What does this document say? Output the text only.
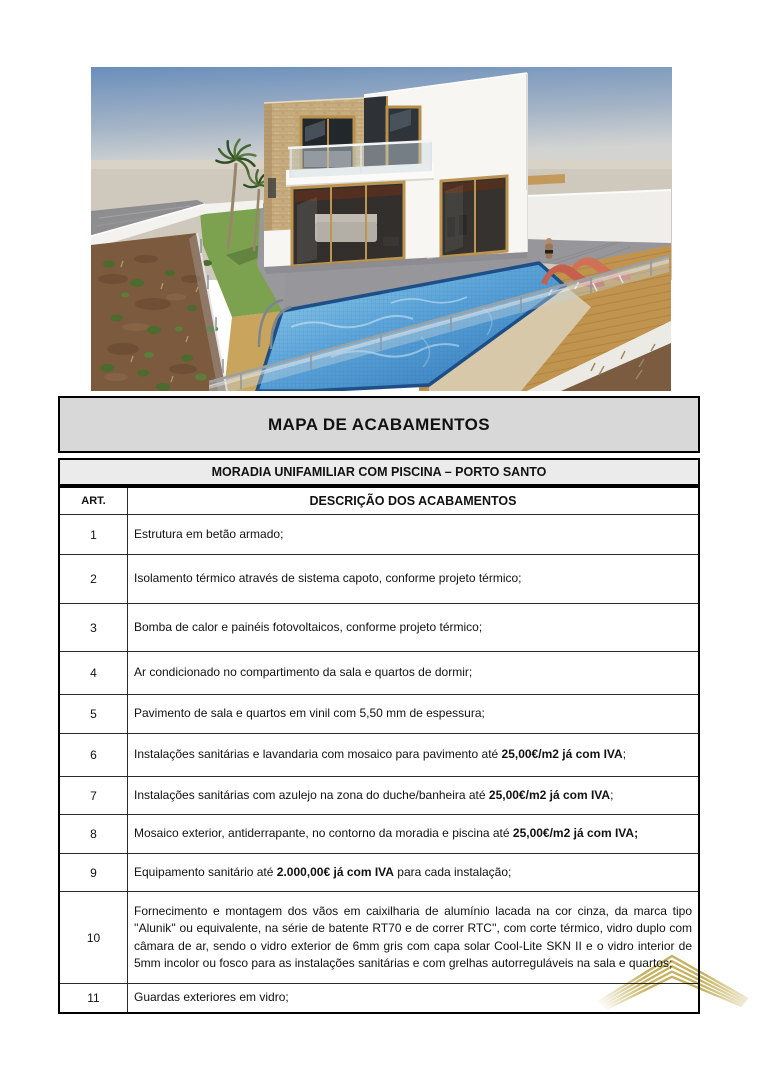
MAPA DE ACABAMENTOS
MORADIA UNIFAMILIAR COM PISCINA – PORTO SANTO
ART.	DESCRIÇÃO DOS ACABAMENTOS
1	Estrutura em betão armado;
2	Isolamento térmico através de sistema capoto, conforme projeto térmico;
3	Bomba de calor e painéis fotovoltaicos, conforme projeto térmico;
4	Ar condicionado no compartimento da sala e quartos de dormir;
5	Pavimento de sala e quartos em vinil com 5,50 mm de espessura;
6	Instalações sanitárias e lavandaria com mosaico para pavimento até 25,00€/m2 já com IVA;
7	Instalações sanitárias com azulejo na zona do duche/banheira até 25,00€/m2 já com IVA;
8	Mosaico exterior, antiderrapante, no contorno da moradia e piscina até 25,00€/m2 já com IVA;
9	Equipamento sanitário até 2.000,00€ já com IVA para cada instalação;
10	Fornecimento e montagem dos vãos em caixilharia de alumínio lacada na cor cinza, da marca tipo ''Alunik'' ou equivalente, na série de batente RT70 e de correr RTC'', com corte térmico, vidro duplo com câmara de ar, sendo o vidro exterior de 6mm gris com capa solar Cool-Lite SKN II e o vidro interior de 5mm incolor ou fosco para as instalações sanitárias e com grelhas autorreguláveis na sala e quartos;
11	Guardas exteriores em vidro;
